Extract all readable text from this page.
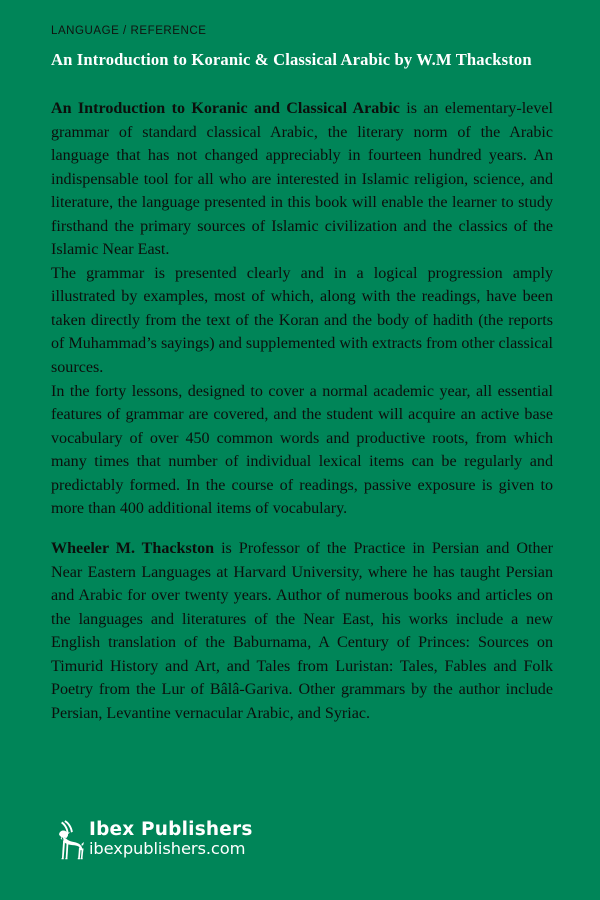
LANGUAGE / REFERENCE
An Introduction to Koranic & Classical Arabic by W.M Thackston

An Introduction to Koranic and Classical Arabic is an elementary-level grammar of standard classical Arabic, the literary norm of the Arabic language that has not changed appreciably in fourteen hundred years. An indispensable tool for all who are interested in Islamic religion, science, and literature, the language presented in this book will enable the learner to study firsthand the primary sources of Islamic civilization and the classics of the Islamic Near East.

The grammar is presented clearly and in a logical progression amply illustrated by examples, most of which, along with the readings, have been taken directly from the text of the Koran and the body of hadith (the reports of Muhammad’s sayings) and supplemented with extracts from other classical sources.

In the forty lessons, designed to cover a normal academic year, all essential features of grammar are covered, and the student will acquire an active base vocabulary of over 450 common words and productive roots, from which many times that number of individual lexical items can be regularly and predictably formed. In the course of readings, passive exposure is given to more than 400 additional items of vocabulary.

Wheeler M. Thackston is Professor of the Practice in Persian and Other Near Eastern Languages at Harvard University, where he has taught Persian and Arabic for over twenty years. Author of numerous books and articles on the languages and literatures of the Near East, his works include a new English translation of the Baburnama, A Century of Princes: Sources on Timurid History and Art, and Tales from Luristan: Tales, Fables and Folk Poetry from the Lur of Bâlâ-Gariva. Other grammars by the author include Persian, Levantine vernacular Arabic, and Syriac.

Ibex Publishers
ibexpublishers.com
